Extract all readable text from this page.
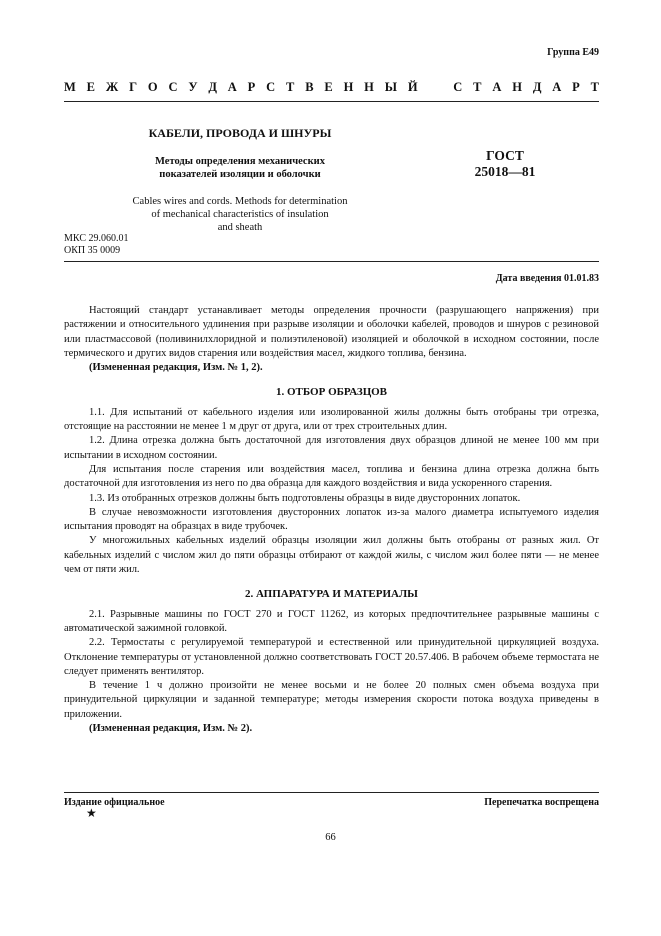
Группа Е49
М Е Ж Г О С У Д А Р С Т В Е Н Н Ы Й	С Т А Н Д А Р Т

КАБЕЛИ, ПРОВОДА И ШНУРЫ

Методы определения механических
показателей изоляции и оболочки

Cables wires and cords. Methods for determination
of mechanical characteristics of insulation
and sheath

ГОСТ
25018—81
МКС 29.060.01
ОКП 35 0009
Дата введения 01.01.83

Настоящий стандарт устанавливает методы определения прочности (разрушающего напряжения) при растяжении и относительного удлинения при разрыве изоляции и оболочки кабелей, проводов и шнуров с резиновой или пластмассовой (поливинилхлоридной и полиэтиленовой) изоляцией и оболочкой в исходном состоянии, после термического и других видов старения или воздействия масел, жидкого топлива, бензина.

(Измененная редакция, Изм. № 1, 2).

1. ОТБОР ОБРАЗЦОВ

1.1. Для испытаний от кабельного изделия или изолированной жилы должны быть отобраны три отрезка, отстоящие на расстоянии не менее 1 м друг от друга, или от трех строительных длин.

1.2. Длина отрезка должна быть достаточной для изготовления двух образцов длиной не менее 100 мм при испытании в исходном состоянии.

Для испытания после старения или воздействия масел, топлива и бензина длина отрезка должна быть достаточной для изготовления из него по два образца для каждого воздействия и вида ускоренного старения.

1.3. Из отобранных отрезков должны быть подготовлены образцы в виде двусторонних лопаток.

В случае невозможности изготовления двусторонних лопаток из-за малого диаметра испытуемого изделия испытания проводят на образцах в виде трубочек.

У многожильных кабельных изделий образцы изоляции жил должны быть отобраны от разных жил. От кабельных изделий с числом жил до пяти образцы отбирают от каждой жилы, с числом жил более пяти — не менее чем от пяти жил.

2. АППАРАТУРА И МАТЕРИАЛЫ

2.1. Разрывные машины по ГОСТ 270 и ГОСТ 11262, из которых предпочтительнее разрывные машины с автоматической зажимной головкой.

2.2. Термостаты с регулируемой температурой и естественной или принудительной циркуляцией воздуха. Отклонение температуры от установленной должно соответствовать ГОСТ 20.57.406. В рабочем объеме термостата не следует применять вентилятор.

В течение 1 ч должно произойти не менее восьми и не более 20 полных смен объема воздуха при принудительной циркуляции и заданной температуре; методы измерения скорости потока воздуха приведены в приложении.

(Измененная редакция, Изм. № 2).

Издание официальное	Перепечатка воспрещена
★
66
